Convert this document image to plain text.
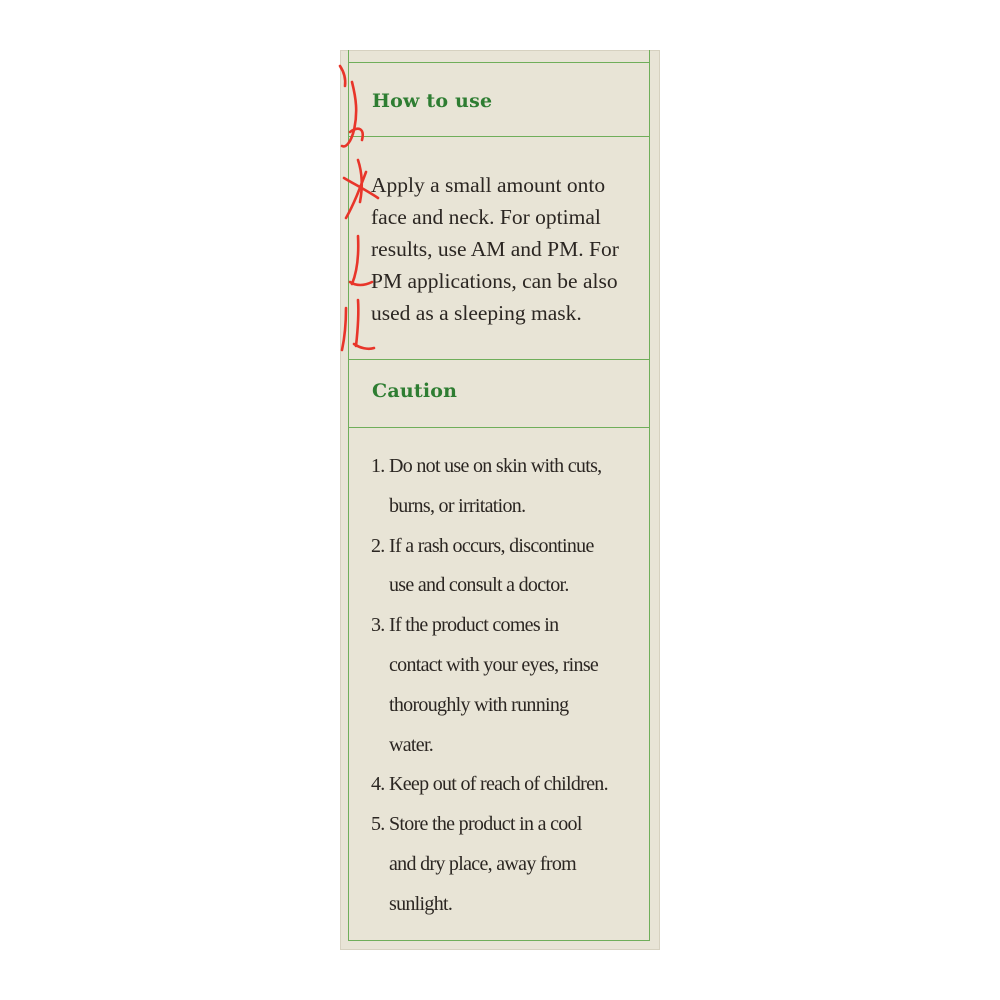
How to use

Apply a small amount onto
face and neck. For optimal
results, use AM and PM. For
PM applications, can be also
used as a sleeping mask.

Caution
1. Do not use on skin with cuts,
burns, or irritation.
2. If a rash occurs, discontinue
use and consult a doctor.
3. If the product comes in
contact with your eyes, rinse
thoroughly with running
water.
4. Keep out of reach of children.
5. Store the product in a cool
and dry place, away from
sunlight.
